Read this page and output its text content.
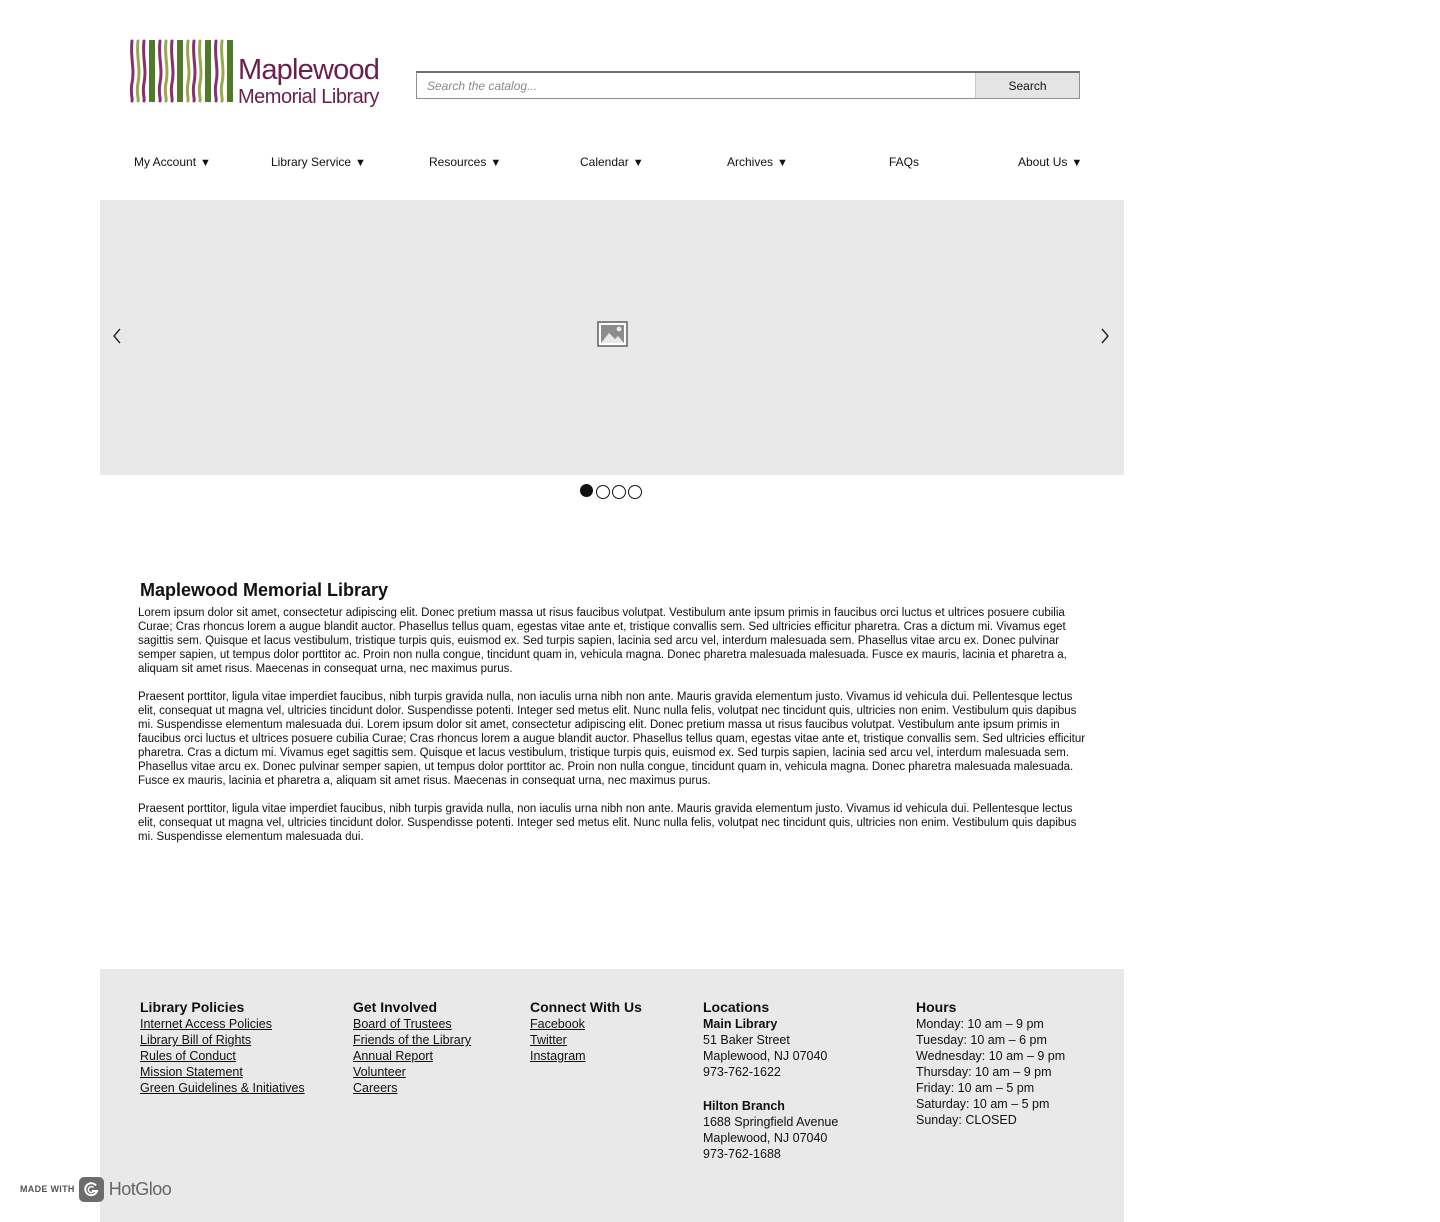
Maplewood
Memorial Library
Search the catalog...
Search
My Account ▼	Library Service ▼	Resources ▼	Calendar ▼	Archives ▼	FAQs	About Us ▼
Maplewood Memorial Library

Lorem ipsum dolor sit amet, consectetur adipiscing elit. Donec pretium massa ut risus faucibus volutpat. Vestibulum ante ipsum primis in faucibus orci luctus et ultrices posuere cubilia Curae; Cras rhoncus lorem a augue blandit auctor. Phasellus tellus quam, egestas vitae ante et, tristique convallis sem. Sed ultricies efficitur pharetra. Cras a dictum mi. Vivamus eget sagittis sem. Quisque et lacus vestibulum, tristique turpis quis, euismod ex. Sed turpis sapien, lacinia sed arcu vel, interdum malesuada sem. Phasellus vitae arcu ex. Donec pulvinar semper sapien, ut tempus dolor porttitor ac. Proin non nulla congue, tincidunt quam in, vehicula magna. Donec pharetra malesuada malesuada. Fusce ex mauris, lacinia et pharetra a, aliquam sit amet risus. Maecenas in consequat urna, nec maximus purus.

Praesent porttitor, ligula vitae imperdiet faucibus, nibh turpis gravida nulla, non iaculis urna nibh non ante. Mauris gravida elementum justo. Vivamus id vehicula dui. Pellentesque lectus elit, consequat ut magna vel, ultricies tincidunt dolor. Suspendisse potenti. Integer sed metus elit. Nunc nulla felis, volutpat nec tincidunt quis, ultricies non enim. Vestibulum quis dapibus mi. Suspendisse elementum malesuada dui. Lorem ipsum dolor sit amet, consectetur adipiscing elit. Donec pretium massa ut risus faucibus volutpat. Vestibulum ante ipsum primis in faucibus orci luctus et ultrices posuere cubilia Curae; Cras rhoncus lorem a augue blandit auctor. Phasellus tellus quam, egestas vitae ante et, tristique convallis sem. Sed ultricies efficitur pharetra. Cras a dictum mi. Vivamus eget sagittis sem. Quisque et lacus vestibulum, tristique turpis quis, euismod ex. Sed turpis sapien, lacinia sed arcu vel, interdum malesuada sem. Phasellus vitae arcu ex. Donec pulvinar semper sapien, ut tempus dolor porttitor ac. Proin non nulla congue, tincidunt quam in, vehicula magna. Donec pharetra malesuada malesuada. Fusce ex mauris, lacinia et pharetra a, aliquam sit amet risus. Maecenas in consequat urna, nec maximus purus.

Praesent porttitor, ligula vitae imperdiet faucibus, nibh turpis gravida nulla, non iaculis urna nibh non ante. Mauris gravida elementum justo. Vivamus id vehicula dui. Pellentesque lectus elit, consequat ut magna vel, ultricies tincidunt dolor. Suspendisse potenti. Integer sed metus elit. Nunc nulla felis, volutpat nec tincidunt quis, ultricies non enim. Vestibulum quis dapibus mi. Suspendisse elementum malesuada dui.

Library Policies
Internet Access Policies
Library Bill of Rights
Rules of Conduct
Mission Statement
Green Guidelines & Initiatives
Get Involved
Board of Trustees
Friends of the Library
Annual Report
Volunteer
Careers
Connect With Us
Facebook
Twitter
Instagram
Locations
Main Library
51 Baker Street
Maplewood, NJ 07040
973-762-1622
Hilton Branch
1688 Springfield Avenue
Maplewood, NJ 07040
973-762-1688
Hours
Monday: 10 am – 9 pm
Tuesday: 10 am – 6 pm
Wednesday: 10 am – 9 pm
Thursday: 10 am – 9 pm
Friday: 10 am – 5 pm
Saturday: 10 am – 5 pm
Sunday: CLOSED
MADE WITH HotGloo
